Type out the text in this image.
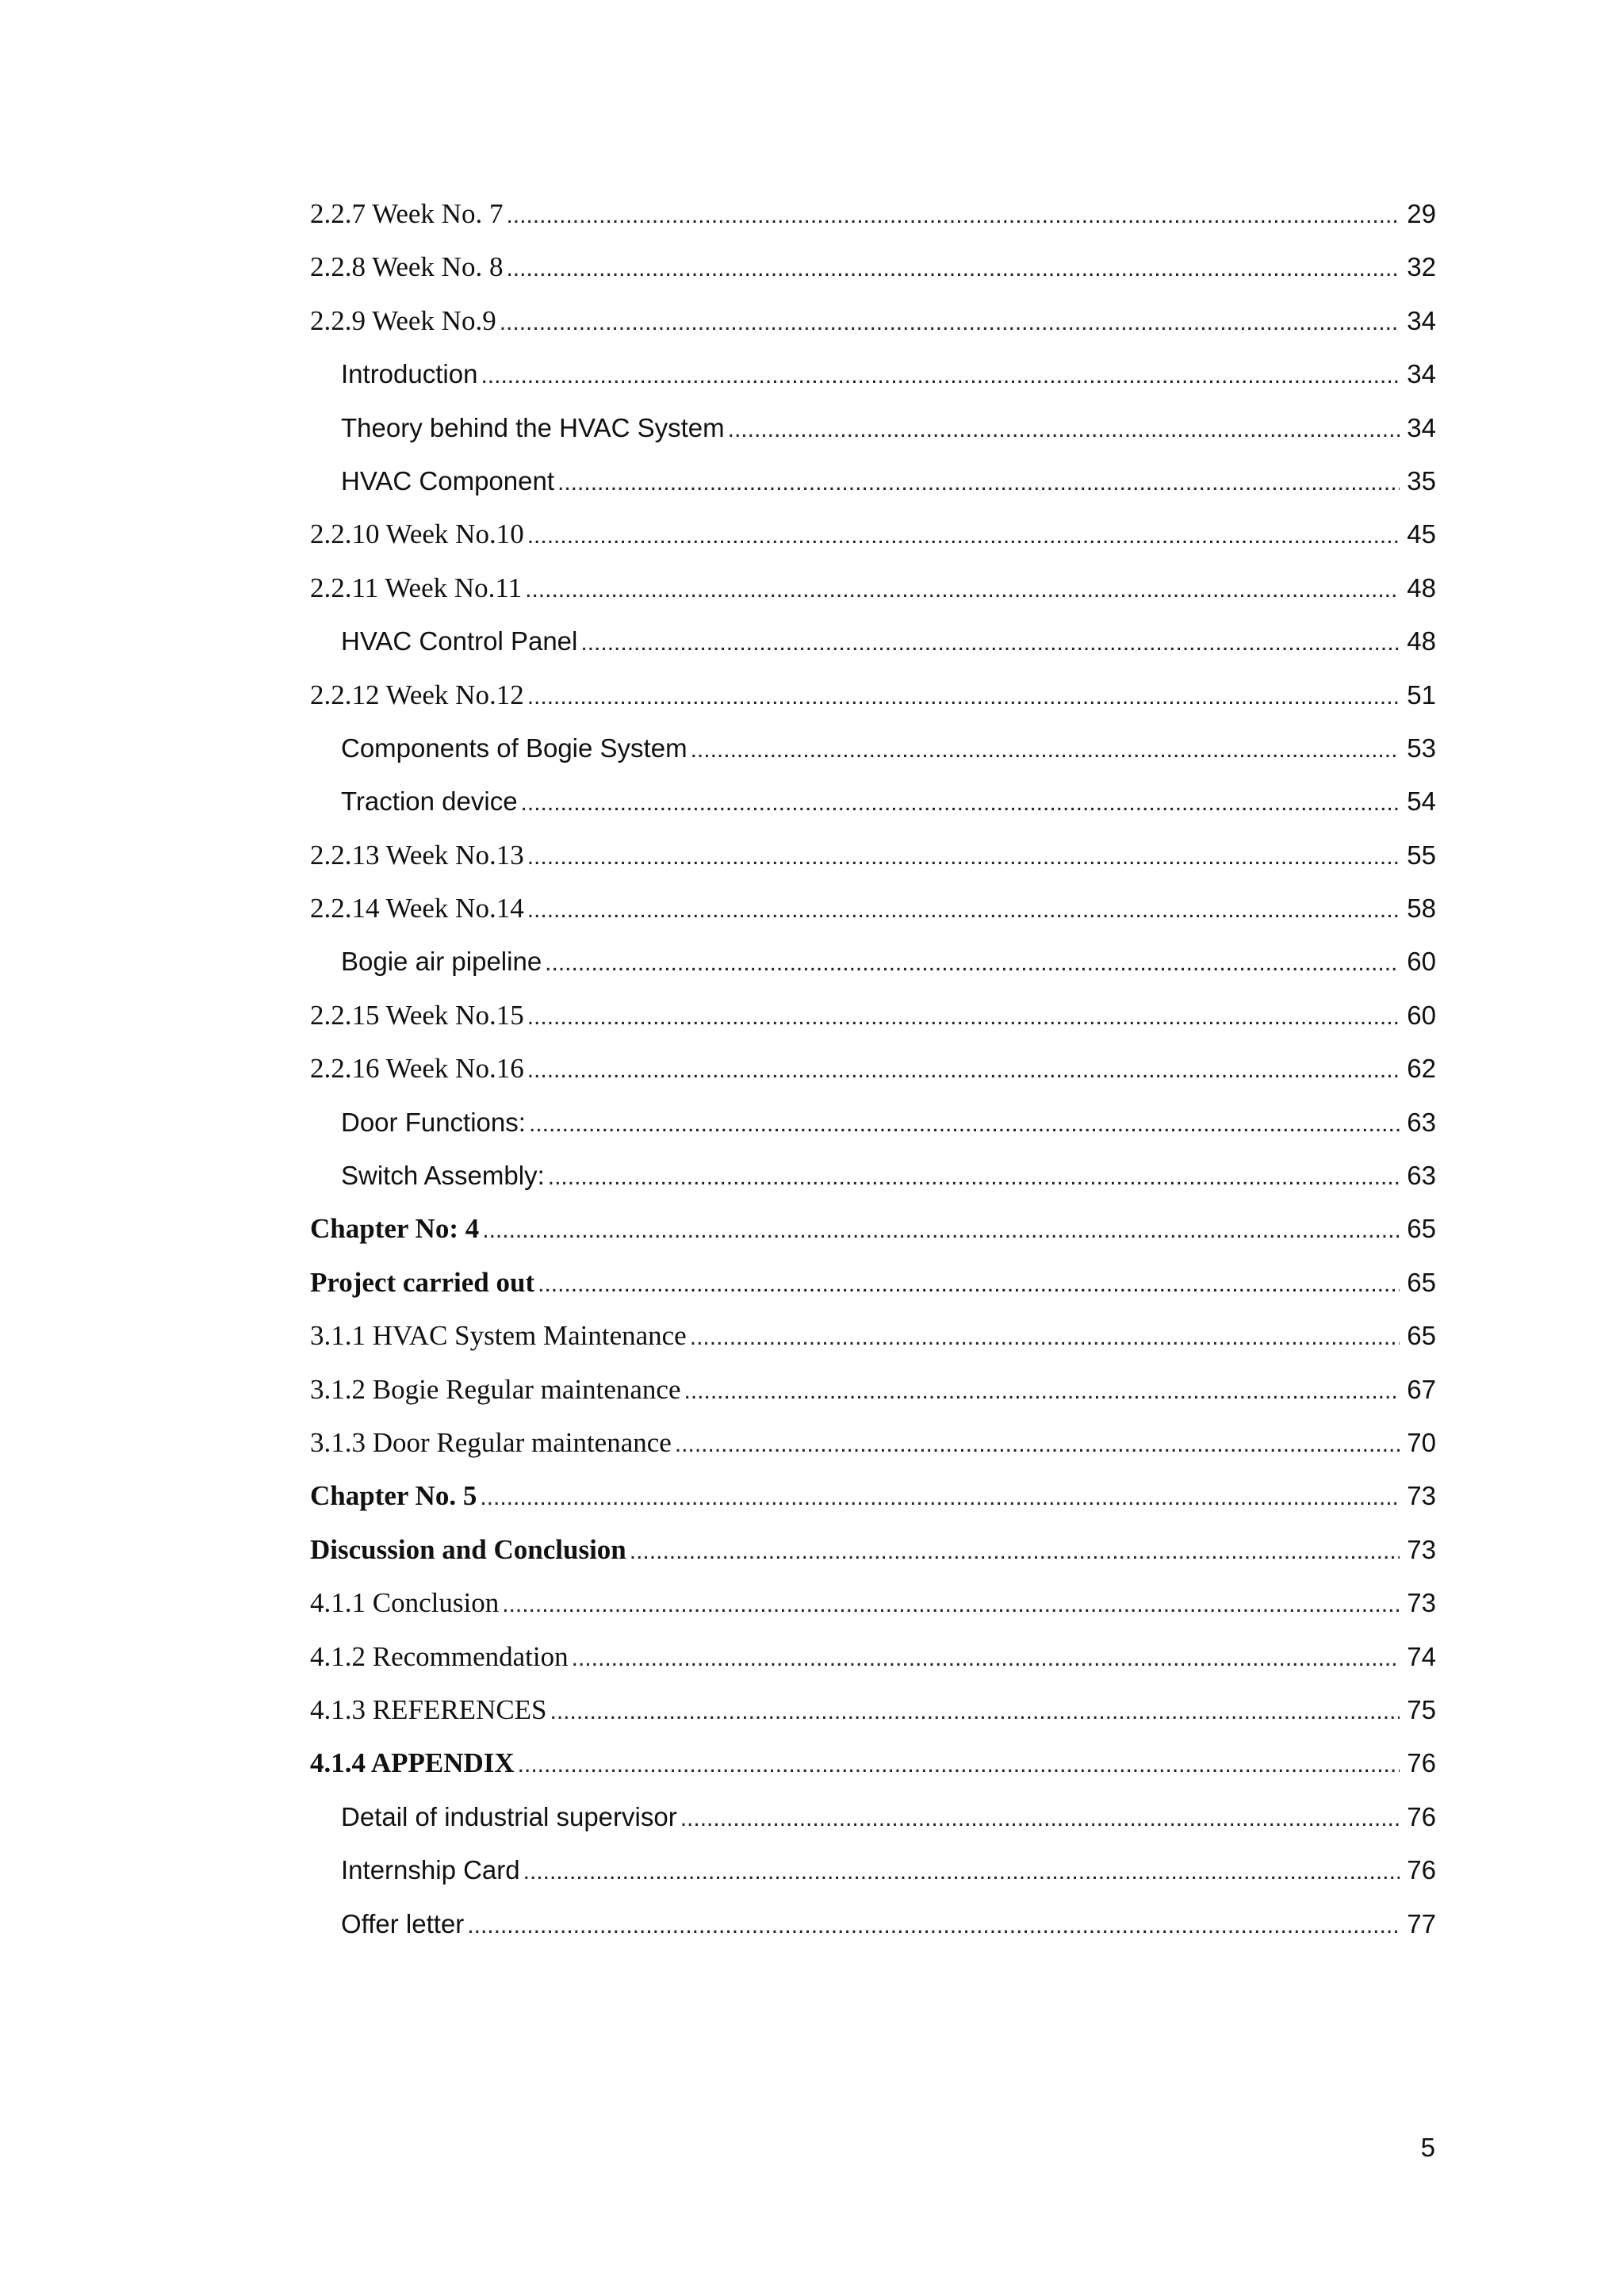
2.2.7 Week No. 7 .....	29
2.2.8 Week No. 8 .....	32
2.2.9 Week No.9 .....	34
Introduction .....	34
Theory behind the HVAC System .....	34
HVAC Component .....	35
2.2.10 Week No.10 .....	45
2.2.11 Week No.11 .....	48
HVAC Control Panel .....	48
2.2.12 Week No.12 .....	51
Components of Bogie System .....	53
Traction device .....	54
2.2.13 Week No.13 .....	55
2.2.14 Week No.14 .....	58
Bogie air pipeline .....	60
2.2.15 Week No.15 .....	60
2.2.16 Week No.16 .....	62
Door Functions: .....	63
Switch Assembly: .....	63
Chapter No: 4 .....	65
Project carried out .....	65
3.1.1 HVAC System Maintenance .....	65
3.1.2 Bogie Regular maintenance .....	67
3.1.3 Door Regular maintenance .....	70
Chapter No. 5 .....	73
Discussion and Conclusion .....	73
4.1.1 Conclusion .....	73
4.1.2 Recommendation .....	74
4.1.3 REFERENCES .....	75
4.1.4 APPENDIX .....	76
Detail of industrial supervisor .....	76
Internship Card .....	76
Offer letter .....	77
5
